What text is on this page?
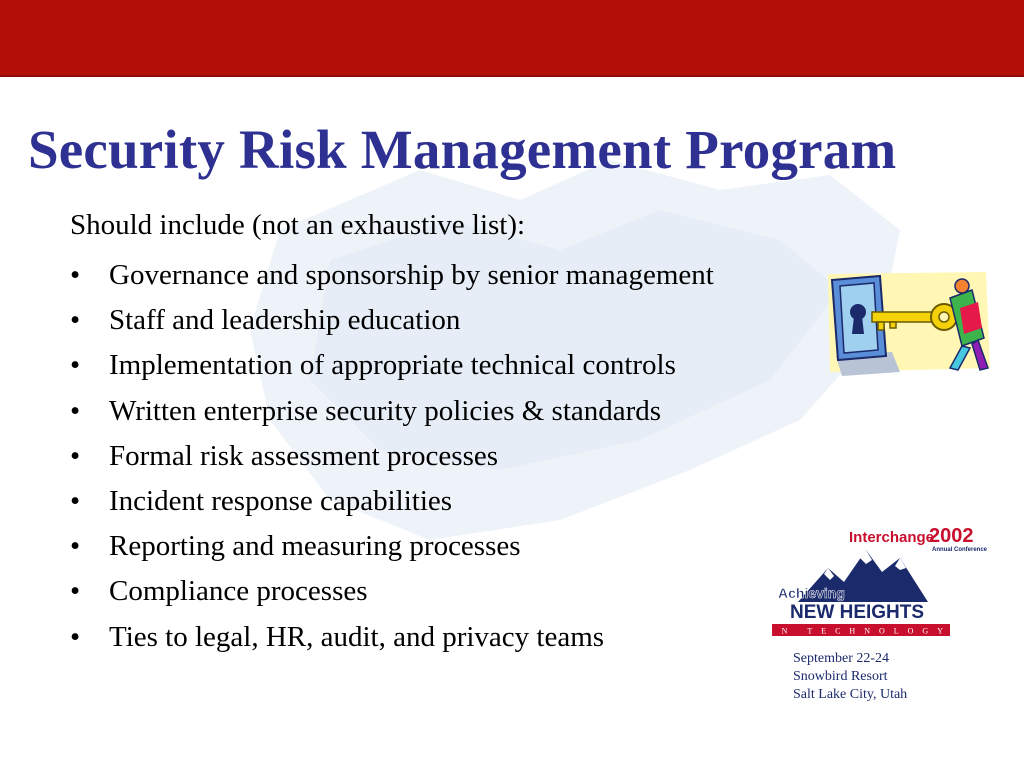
Security Risk Management Program
Should include (not an exhaustive list):
• Governance and sponsorship by senior management
• Staff and leadership education
• Implementation of appropriate technical controls
• Written enterprise security policies & standards
• Formal risk assessment processes
• Incident response capabilities
• Reporting and measuring processes
• Compliance processes
• Ties to legal, HR, audit, and privacy teams
Interchange
2002
Annual Conference
Achieving
NEW HEIGHTS
IN TECHNOLOGY
September 22-24
Snowbird Resort
Salt Lake City, Utah
